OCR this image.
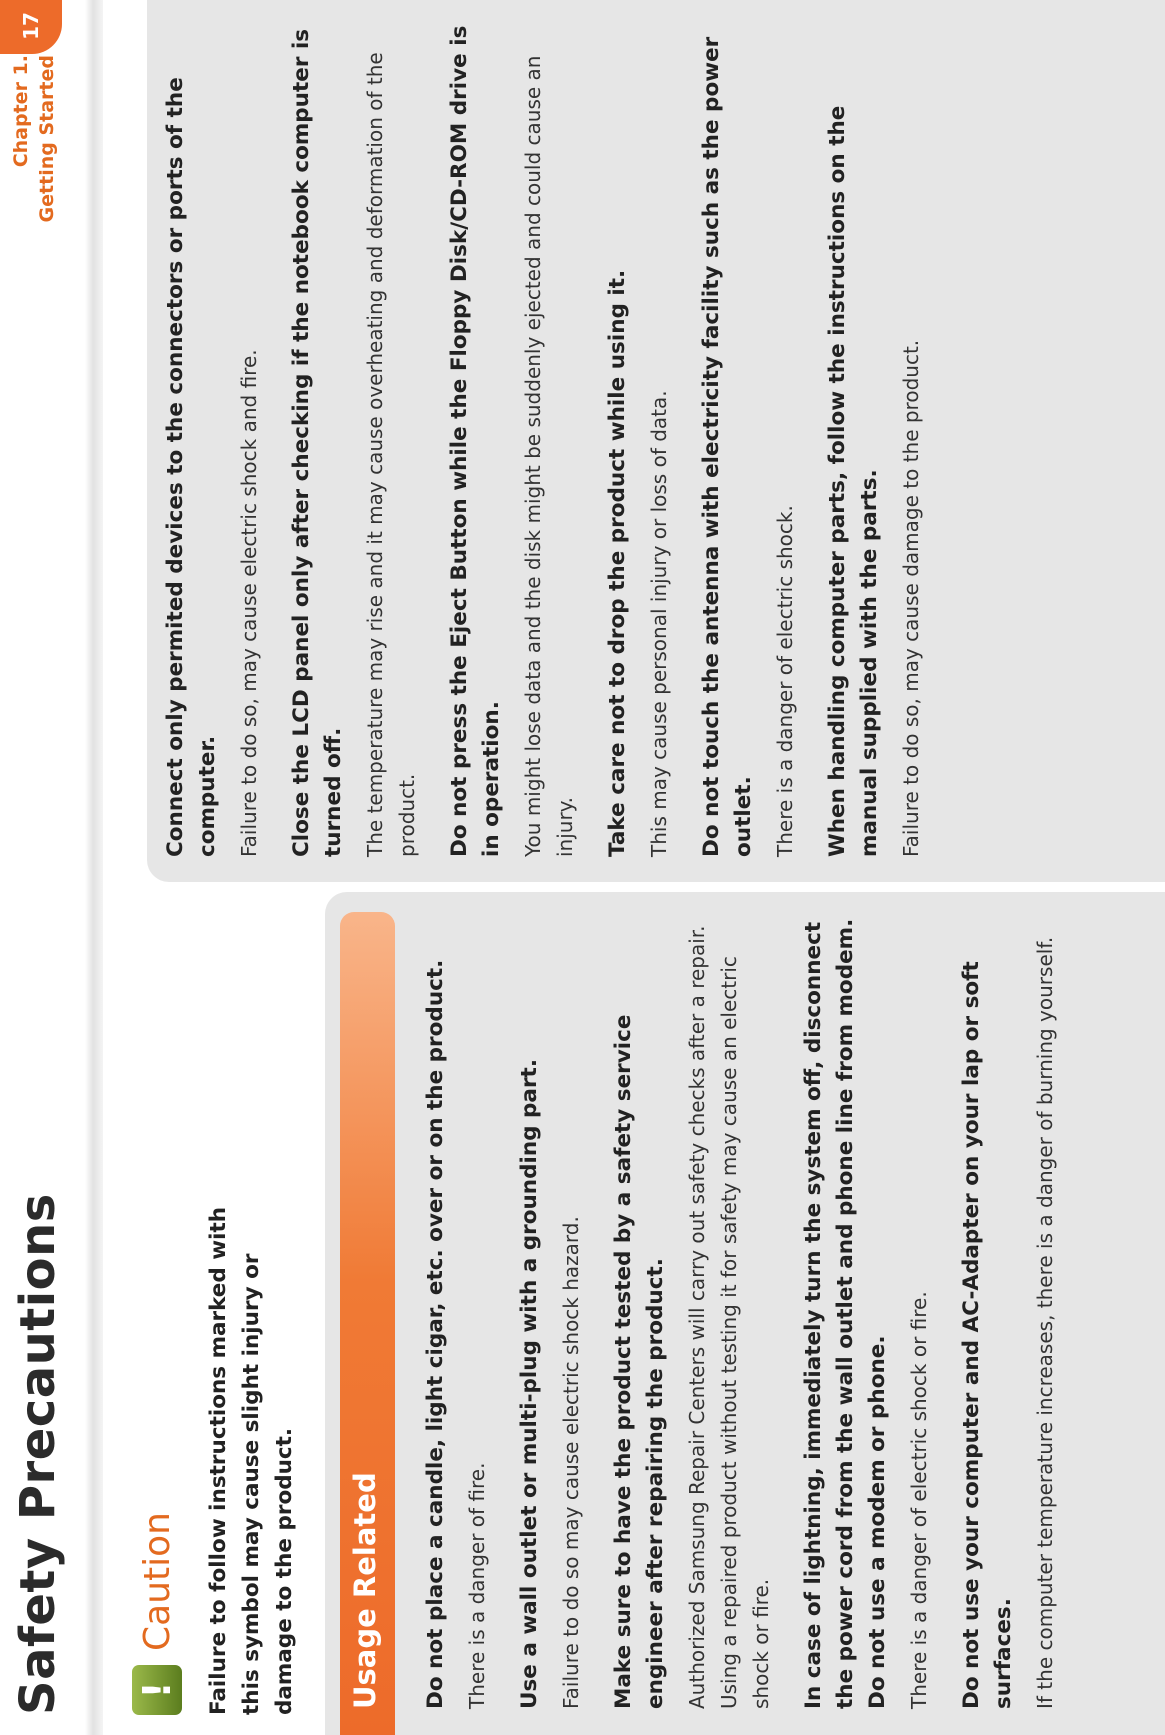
Safety Precautions
Chapter 1. Getting Started
17
!
Caution Failure to follow instructions marked with this symbol may cause slight injury or damage to the product. Usage Related Do not place a candle, light cigar, etc. over or on the product. There is a danger of fire. Use a wall outlet or multi-plug with a grounding part. Failure to do so may cause electric shock hazard. Make sure to have the product tested by a safety service engineer after repairing the product. Authorized Samsung Repair Centers will carry out safety checks after a repair. Using a repaired product without testing it for safety may cause an electric shock or fire. In case of lightning, immediately turn the system off, disconnect the power cord from the wall outlet and phone line from modem. Do not use a modem or phone. There is a danger of electric shock or fire. Do not use your computer and AC-Adapter on your lap or soft surfaces. If the computer temperature increases, there is a danger of burning yourself.
Connect only permited devices to the connectors or ports of the computer. Failure to do so, may cause electric shock and fire. Close the LCD panel only after checking if the notebook computer is turned off. The temperature may rise and it may cause overheating and deformation of the product. Do not press the Eject Button while the Floppy Disk/CD-ROM drive is in operation. You might lose data and the disk might be suddenly ejected and could cause an injury. Take care not to drop the product while using it. This may cause personal injury or loss of data. Do not touch the antenna with electricity facility such as the power outlet. There is a danger of electric shock. When handling computer parts, follow the instructions on the manual supplied with the parts. Failure to do so, may cause damage to the product.
